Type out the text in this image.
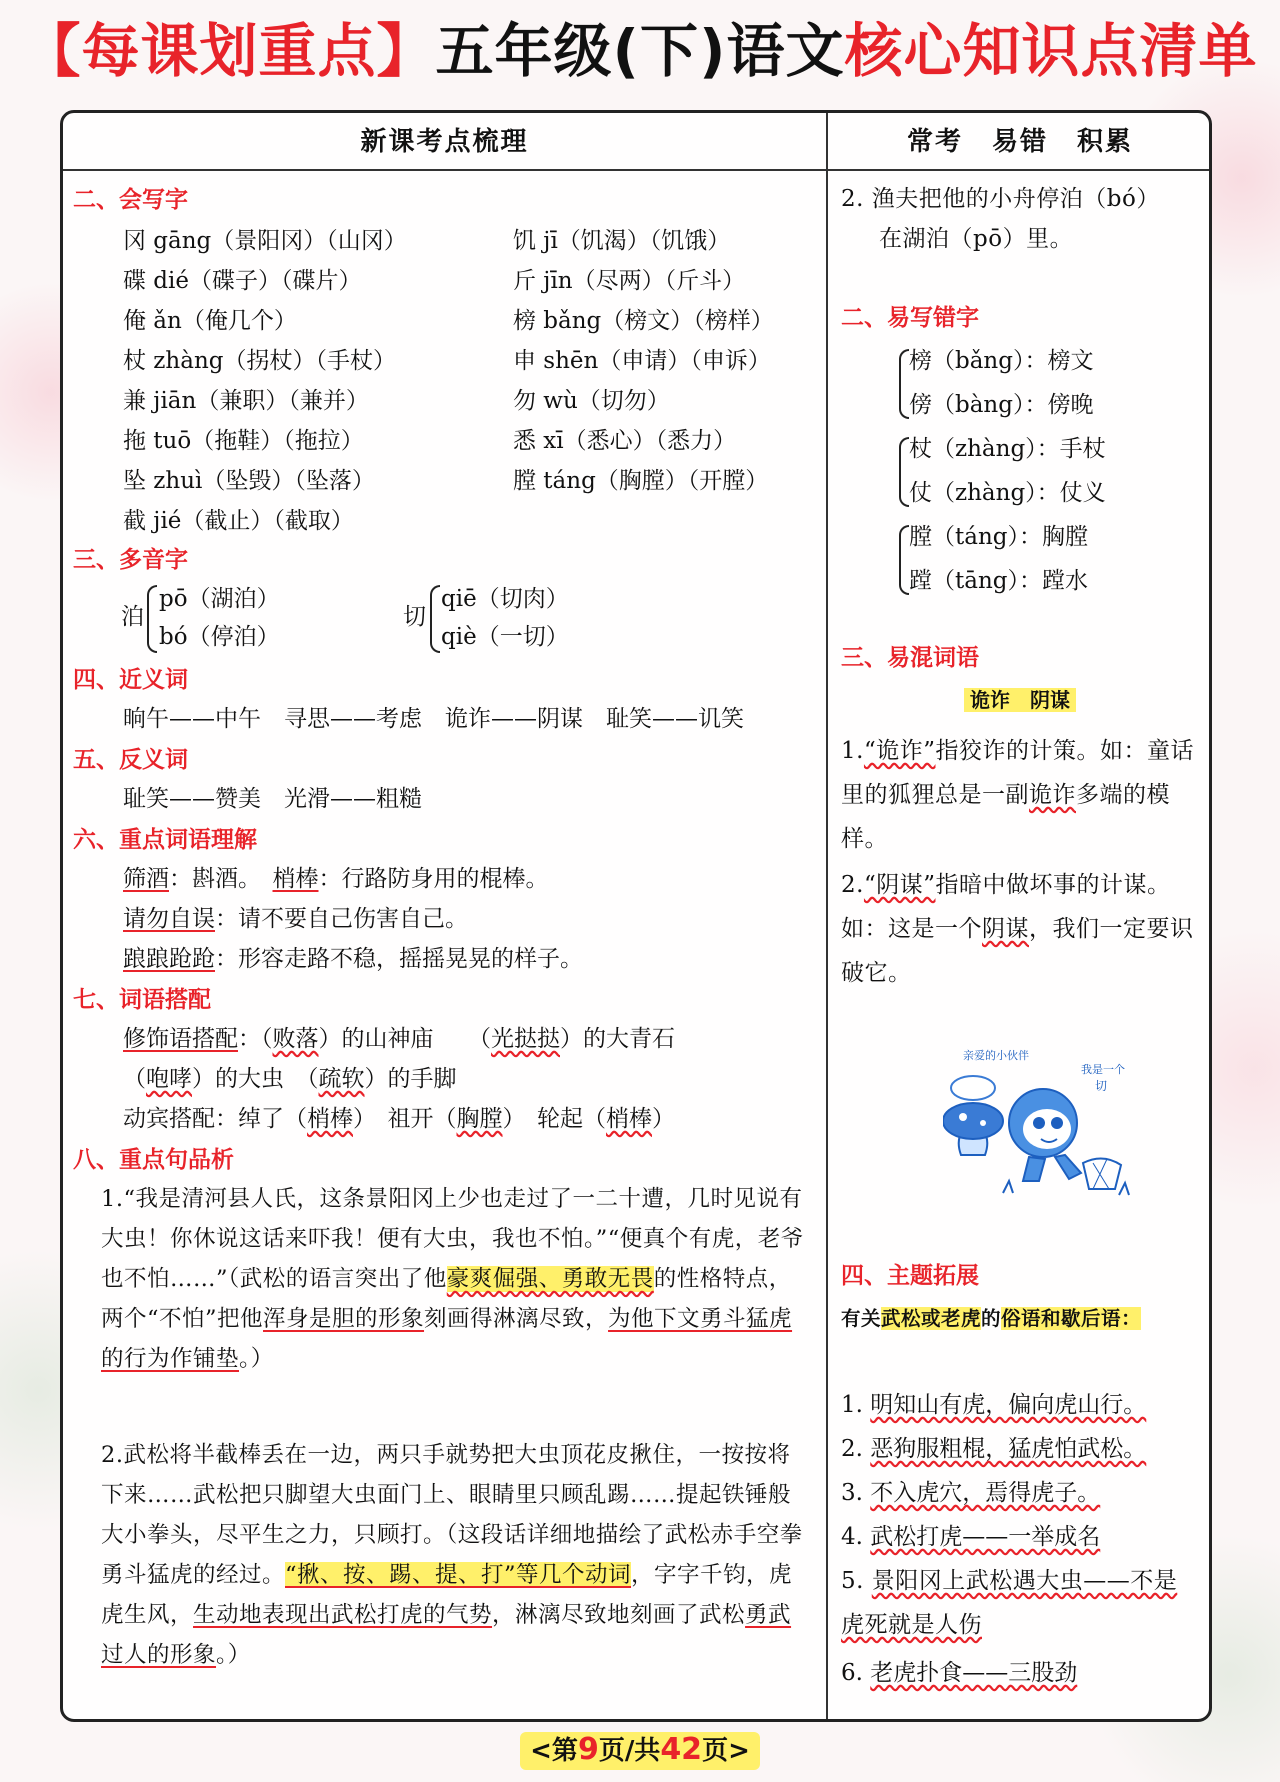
【每课划重点】五年级(下)语文核心知识点清单
新课考点梳理	常考 易错 积累
二、会写字
冈 gāng（景阳冈）（山冈）	饥 jī（饥渴）（饥饿）
碟 dié（碟子）（碟片）	斤 jīn（尽两）（斤斗）
俺 ǎn（俺几个）	榜 bǎng（榜文）（榜样）
杖 zhàng（拐杖）（手杖）	申 shēn（申请）（申诉）
兼 jiān（兼职）（兼并）	勿 wù（切勿）
拖 tuō（拖鞋）（拖拉）	悉 xī（悉心）（悉力）
坠 zhuì（坠毁）（坠落）	膛 táng（胸膛）（开膛）
截 jié（截止）（截取）
三、多音字
泊
pō（湖泊）
bó（停泊）
切
qiē（切肉）
qiè（一切）
四、近义词
晌午——中午　寻思——考虑　诡诈——阴谋　耻笑——讥笑
五、反义词
耻笑——赞美　光滑——粗糙
六、重点词语理解
筛酒：斟酒。　梢棒：行路防身用的棍棒。
请勿自误：请不要自己伤害自己。
踉踉跄跄：形容走路不稳，摇摇晃晃的样子。
七、词语搭配
修饰语搭配：（败落）的山神庙　　（光挞挞）的大青石
（咆哮）的大虫　（疏软）的手脚
动宾搭配：绰了（梢棒）　祖开（胸膛）　轮起（梢棒）
八、重点句品析
1.“我是清河县人氏，这条景阳冈上少也走过了一二十遭，几时见说有大虫！你休说这话来吓我！便有大虫，我也不怕。”“便真个有虎，老爷也不怕……”（武松的语言突出了他豪爽倔强、勇敢无畏的性格特点，两个“不怕”把他浑身是胆的形象刻画得淋漓尽致，为他下文勇斗猛虎的行为作铺垫。）
2.武松将半截棒丢在一边，两只手就势把大虫顶花皮揪住，一按按将下来……武松把只脚望大虫面门上、眼睛里只顾乱踢……提起铁锤般大小拳头，尽平生之力，只顾打。（这段话详细地描绘了武松赤手空拳勇斗猛虎的经过。“揪、按、踢、提、打”等几个动词，字字千钧，虎虎生风，生动地表现出武松打虎的气势，淋漓尽致地刻画了武松勇武过人的形象。）
2. 渔夫把他的小舟停泊（bó）
在湖泊（pō）里。
二、易写错字
榜（bǎng）：榜文
傍（bàng）：傍晚
杖（zhàng）：手杖
仗（zhàng）：仗义
膛（táng）：胸膛
蹚（tāng）：蹚水
三、易混词语
诡诈　阴谋
1.“诡诈”指狡诈的计策。如：童话里的狐狸总是一副诡诈多端的模样。
2.“阴谋”指暗中做坏事的计谋。如：这是一个阴谋，我们一定要识破它。
亲爱的小伙伴
我是一个
切
四、主题拓展
有关武松或老虎的俗语和歇后语：
1. 明知山有虎，偏向虎山行。
2. 恶狗服粗棍，猛虎怕武松。
3. 不入虎穴，焉得虎子。
4. 武松打虎——一举成名
5. 景阳冈上武松遇大虫——不是虎死就是人伤
6. 老虎扑食——三股劲
<第9页/共42页>
